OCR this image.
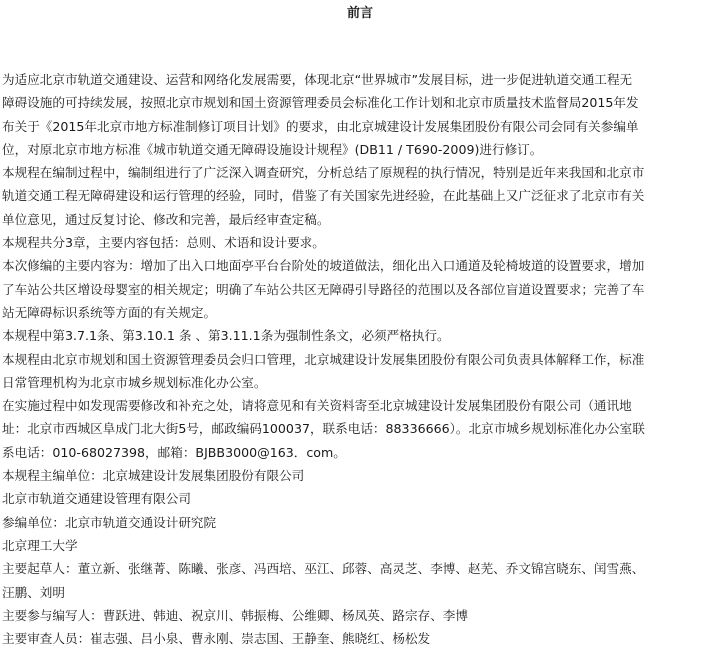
前言

为适应北京市轨道交通建设、运营和网络化发展需要，体现北京“世界城市”发展目标，进一步促进轨道交通工程无

障碍设施的可持续发展，按照北京市规划和国土资源管理委员会标准化工作计划和北京市质量技术监督局2015年发

布关于《2015年北京市地方标准制修订项目计划》的要求，由北京城建设计发展集团股份有限公司会同有关参编单

位，对原北京市地方标准《城市轨道交通无障碍设施设计规程》(DB11 / T690-2009)进行修订。

本规程在编制过程中，编制组进行了广泛深入调查研究，分析总结了原规程的执行情况，特别是近年来我国和北京市

轨道交通工程无障碍建设和运行管理的经验，同时，借鉴了有关国家先进经验，在此基础上又广泛征求了北京市有关

单位意见，通过反复讨论、修改和完善，最后经审查定稿。

本规程共分3章，主要内容包括：总则、术语和设计要求。

本次修编的主要内容为：增加了出入口地面亭平台台阶处的坡道做法，细化出入口通道及轮椅坡道的设置要求，增加

了车站公共区增设母婴室的相关规定；明确了车站公共区无障碍引导路径的范围以及各部位盲道设置要求；完善了车

站无障碍标识系统等方面的有关规定。

本规程中第3.7.1条、第3.10.1 条 、第3.11.1条为强制性条文，必须严格执行。

本规程由北京市规划和国土资源管理委员会归口管理，北京城建设计发展集团股份有限公司负责具体解释工作，标准

日常管理机构为北京市城乡规划标准化办公室。

在实施过程中如发现需要修改和补充之处，请将意见和有关资料寄至北京城建设计发展集团股份有限公司（通讯地

址：北京市西城区阜成门北大街5号，邮政编码100037，联系电话：88336666）。北京市城乡规划标准化办公室联

系电话：010-68027398，邮箱：BJBB3000@163．com。

本规程主编单位：北京城建设计发展集团股份有限公司

北京市轨道交通建设管理有限公司

参编单位：北京市轨道交通设计研究院

北京理工大学

主要起草人：董立新、张继菁、陈曦、张彦、冯西培、巫江、邱蓉、高灵芝、李博、赵芜、乔文锦宫晓东、闰雪燕、

汪鹏、刘明

主要参与编写人：曹跃进、韩迪、祝京川、韩振梅、公维卿、杨凤英、路宗存、李博

主要审查人员：崔志强、吕小泉、曹永刚、崇志国、王静奎、熊晓红、杨松发
